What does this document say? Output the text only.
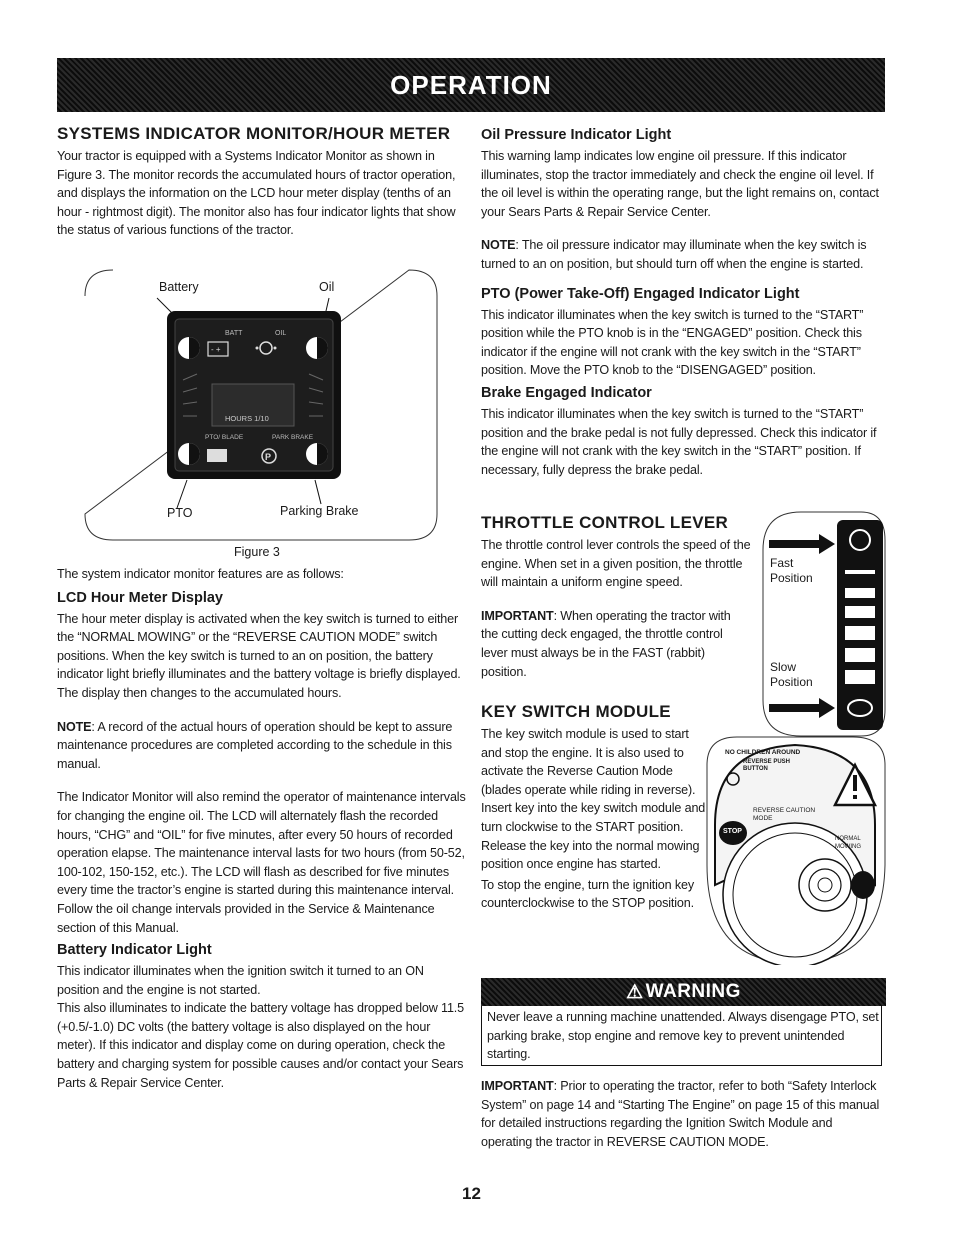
OPERATION
SYSTEMS INDICATOR MONITOR/HOUR METER

Your tractor is equipped with a Systems Indicator Monitor as shown in Figure 3. The monitor records the accumulated hours of tractor operation, and displays the information on the LCD hour meter display (tenths of an hour - rightmost digit). The monitor also has four indicator lights that show the status of various functions of the tractor.

- +
P
Battery	Oil
BATT	OIL
HOURS 1/10
PTO/ BLADE	PARK BRAKE
PTO	Parking Brake
Figure 3

The system indicator monitor features are as follows:

LCD Hour Meter Display

The hour meter display is activated when the key switch is turned to either the “NORMAL MOWING” or the “REVERSE CAUTION MODE” switch positions. When the key switch is turned to an on position, the battery indicator light briefly illuminates and the battery voltage is briefly displayed. The display then changes to the accumulated hours.

NOTE: A record of the actual hours of operation should be kept to assure maintenance procedures are completed according to the schedule in this manual.

The Indicator Monitor will also remind the operator of maintenance intervals for changing the engine oil. The LCD will alternately flash the recorded hours, “CHG” and “OIL” for five minutes, after every 50 hours of recorded operation elapse. The maintenance interval lasts for two hours (from 50-52, 100-102, 150-152, etc.). The LCD will flash as described for five minutes every time the tractor’s engine is started during this maintenance interval. Follow the oil change intervals provided in the Service & Maintenance section of this Manual.

Battery Indicator Light

This indicator illuminates when the ignition switch it turned to an ON position and the engine is not started.

This also illuminates to indicate the battery voltage has dropped below 11.5 (+0.5/-1.0) DC volts (the battery voltage is also displayed on the hour meter). If this indicator and display come on during operation, check the battery and charging system for possible causes and/or contact your Sears Parts & Repair Service Center.

Oil Pressure Indicator Light

This warning lamp indicates low engine oil pressure. If this indicator illuminates, stop the tractor immediately and check the engine oil level. If the oil level is within the operating range, but the light remains on, contact your Sears Parts & Repair Service Center.

NOTE: The oil pressure indicator may illuminate when the key switch is turned to an on position, but should turn off when the engine is started.

PTO (Power Take-Off) Engaged Indicator Light

This indicator illuminates when the key switch is turned to the “START” position while the PTO knob is in the “ENGAGED” position. Check this indicator if the engine will not crank with the key switch in the “START” position. Move the PTO knob to the “DISENGAGED” position.

Brake Engaged Indicator

This indicator illuminates when the key switch is turned to the “START” position and the brake pedal is not fully depressed. Check this indicator if the engine will not crank with the key switch in the “START” position. If necessary, fully depress the brake pedal.

THROTTLE CONTROL LEVER

The throttle control lever controls the speed of the engine. When set in a given position, the throttle will maintain a uniform engine speed.

IMPORTANT: When operating the tractor with the cutting deck engaged, the throttle control lever must always be in the FAST (rabbit) position.

Fast Position
Slow Position
KEY SWITCH MODULE

The key switch module is used to start and stop the engine. It is also used to activate the Reverse Caution Mode (blades operate while riding in reverse). Insert key into the key switch module and turn clockwise to the START position. Release the key into the normal mowing position once engine has started.

To stop the engine, turn the ignition key counterclockwise to the STOP position.

NO CHILDREN AROUND
REVERSE PUSH
BUTTON
STOP
REVERSE CAUTION MODE
NORMAL MOWING
⚠ WARNING

Never leave a running machine unattended. Always disengage PTO, set parking brake, stop engine and remove key to prevent unintended starting.

IMPORTANT: Prior to operating the tractor, refer to both “Safety Interlock System” on page 14 and “Starting The Engine” on page 15 of this manual for detailed instructions regarding the Ignition Switch Module and operating the tractor in REVERSE CAUTION MODE.

12
